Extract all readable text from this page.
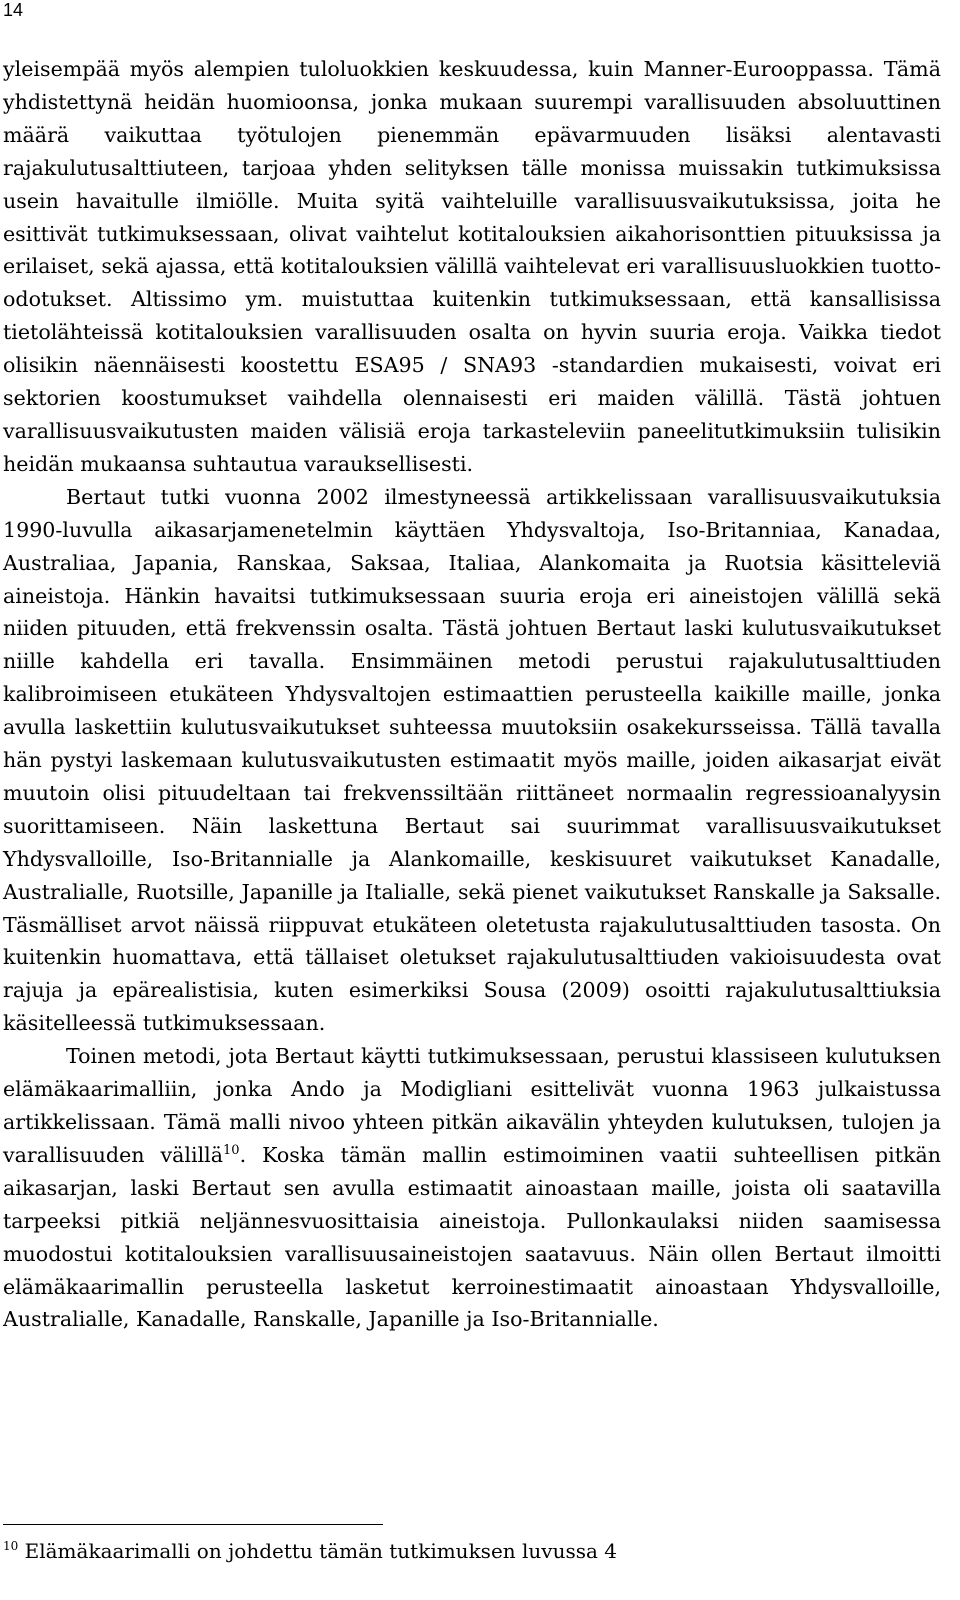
14

yleisempää myös alempien tuloluokkien keskuudessa, kuin Manner-Eurooppassa. Tämä yhdistettynä heidän huomioonsa, jonka mukaan suurempi varallisuuden absoluuttinen määrä vaikuttaa työtulojen pienemmän epävarmuuden lisäksi alentavasti rajakulutusalttiuteen, tarjoaa yhden selityksen tälle monissa muissakin tutkimuksissa usein havaitulle ilmiölle. Muita syitä vaihteluille varallisuusvaikutuksissa, joita he esittivät tutkimuksessaan, olivat vaihtelut kotitalouksien aikahorisonttien pituuksissa ja erilaiset, sekä ajassa, että kotitalouksien välillä vaihtelevat eri varallisuusluokkien tuotto-odotukset. Altissimo ym. muistuttaa kuitenkin tutkimuksessaan, että kansallisissa tietolähteissä kotitalouksien varallisuuden osalta on hyvin suuria eroja. Vaikka tiedot olisikin näennäisesti koostettu ESA95 / SNA93 -standardien mukaisesti, voivat eri sektorien koostumukset vaihdella olennaisesti eri maiden välillä. Tästä johtuen varallisuusvaikutusten maiden välisiä eroja tarkasteleviin paneelitutkimuksiin tulisikin heidän mukaansa suhtautua varauksellisesti.

Bertaut tutki vuonna 2002 ilmestyneessä artikkelissaan varallisuusvaikutuksia 1990-luvulla aikasarjamenetelmin käyttäen Yhdysvaltoja, Iso-Britanniaa, Kanadaa, Australiaa, Japania, Ranskaa, Saksaa, Italiaa, Alankomaita ja Ruotsia käsitteleviä aineistoja. Hänkin havaitsi tutkimuksessaan suuria eroja eri aineistojen välillä sekä niiden pituuden, että frekvenssin osalta. Tästä johtuen Bertaut laski kulutusvaikutukset niille kahdella eri tavalla. Ensimmäinen metodi perustui rajakulutusalttiuden kalibroimiseen etukäteen Yhdysvaltojen estimaattien perusteella kaikille maille, jonka avulla laskettiin kulutusvaikutukset suhteessa muutoksiin osakekursseissa. Tällä tavalla hän pystyi laskemaan kulutusvaikutusten estimaatit myös maille, joiden aikasarjat eivät muutoin olisi pituudeltaan tai frekvenssiltään riittäneet normaalin regressioanalyysin suorittamiseen. Näin laskettuna Bertaut sai suurimmat varallisuusvaikutukset Yhdysvalloille, Iso-Britannialle ja Alankomaille, keskisuuret vaikutukset Kanadalle, Australialle, Ruotsille, Japanille ja Italialle, sekä pienet vaikutukset Ranskalle ja Saksalle. Täsmälliset arvot näissä riippuvat etukäteen oletetusta rajakulutusalttiuden tasosta. On kuitenkin huomattava, että tällaiset oletukset rajakulutusalttiuden vakioisuudesta ovat rajuja ja epärealistisia, kuten esimerkiksi Sousa (2009) osoitti rajakulutusalttiuksia käsitelleessä tutkimuksessaan.

Toinen metodi, jota Bertaut käytti tutkimuksessaan, perustui klassiseen kulutuksen elämäkaarimalliin, jonka Ando ja Modigliani esittelivät vuonna 1963 julkaistussa artikkelissaan. Tämä malli nivoo yhteen pitkän aikavälin yhteyden kulutuksen, tulojen ja varallisuuden välillä$^{10}$. Koska tämän mallin estimoiminen vaatii suhteellisen pitkän aikasarjan, laski Bertaut sen avulla estimaatit ainoastaan maille, joista oli saatavilla tarpeeksi pitkiä neljännesvuosittaisia aineistoja. Pullonkaulaksi niiden saamisessa muodostui kotitalouksien varallisuusaineistojen saatavuus. Näin ollen Bertaut ilmoitti elämäkaarimallin perusteella lasketut kerroinestimaatit ainoastaan Yhdysvalloille, Australialle, Kanadalle, Ranskalle, Japanille ja Iso-Britannialle.

$^{10}$ Elämäkaarimalli on johdettu tämän tutkimuksen luvussa 4
